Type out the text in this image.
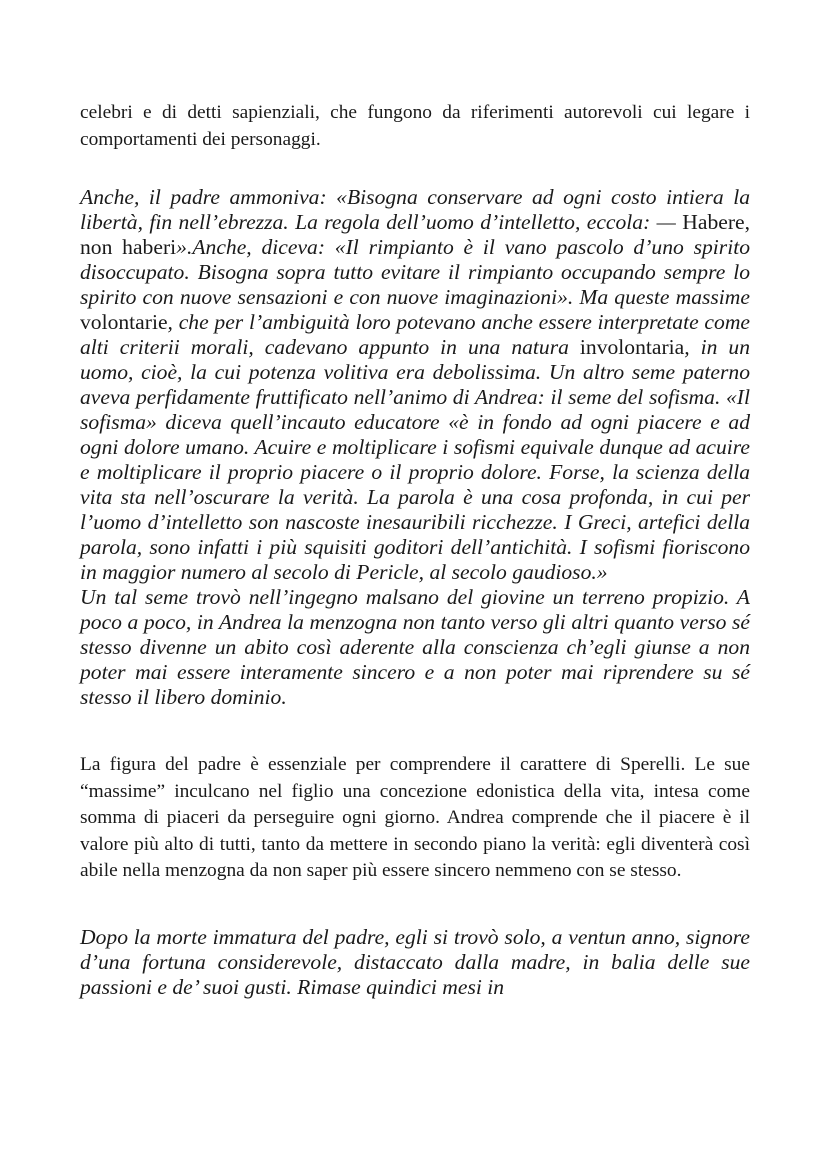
celebri e di detti sapienziali, che fungono da riferimenti autorevoli cui legare i comportamenti dei personaggi.

Anche, il padre ammoniva: «Bisogna conservare ad ogni costo intiera la libertà, fin nell’ebrezza. La regola dell’uomo d’intelletto, eccola: — Habere, non haberi».Anche, diceva: «Il rimpianto è il vano pascolo d’uno spirito disoccupato. Bisogna sopra tutto evitare il rimpianto occupando sempre lo spirito con nuove sensazioni e con nuove imaginazioni». Ma queste massime volontarie, che per l’ambiguità loro potevano anche essere interpretate come alti criterii morali, cadevano appunto in una natura involontaria, in un uomo, cioè, la cui potenza volitiva era debolissima. Un altro seme paterno aveva perfidamente fruttificato nell’animo di Andrea: il seme del sofisma. «Il sofisma» diceva quell’incauto educatore «è in fondo ad ogni piacere e ad ogni dolore umano. Acuire e moltiplicare i sofismi equivale dunque ad acuire e moltiplicare il proprio piacere o il proprio dolore. Forse, la scienza della vita sta nell’oscurare la verità. La parola è una cosa profonda, in cui per l’uomo d’intelletto son nascoste inesauribili ricchezze. I Greci, artefici della parola, sono infatti i più squisiti goditori dell’antichità. I sofismi fioriscono in maggior numero al secolo di Pericle, al secolo gaudioso.»

Un tal seme trovò nell’ingegno malsano del giovine un terreno propizio. A poco a poco, in Andrea la menzogna non tanto verso gli altri quanto verso sé stesso divenne un abito così aderente alla conscienza ch’egli giunse a non poter mai essere interamente sincero e a non poter mai riprendere su sé stesso il libero dominio.

La figura del padre è essenziale per comprendere il carattere di Sperelli. Le sue “massime” inculcano nel figlio una concezione edonistica della vita, intesa come somma di piaceri da perseguire ogni giorno. Andrea comprende che il piacere è il valore più alto di tutti, tanto da mettere in secondo piano la verità: egli diventerà così abile nella menzogna da non saper più essere sincero nemmeno con se stesso.

Dopo la morte immatura del padre, egli si trovò solo, a ventun anno, signore d’una fortuna considerevole, distaccato dalla madre, in balia delle sue passioni e de’ suoi gusti. Rimase quindici mesi in
